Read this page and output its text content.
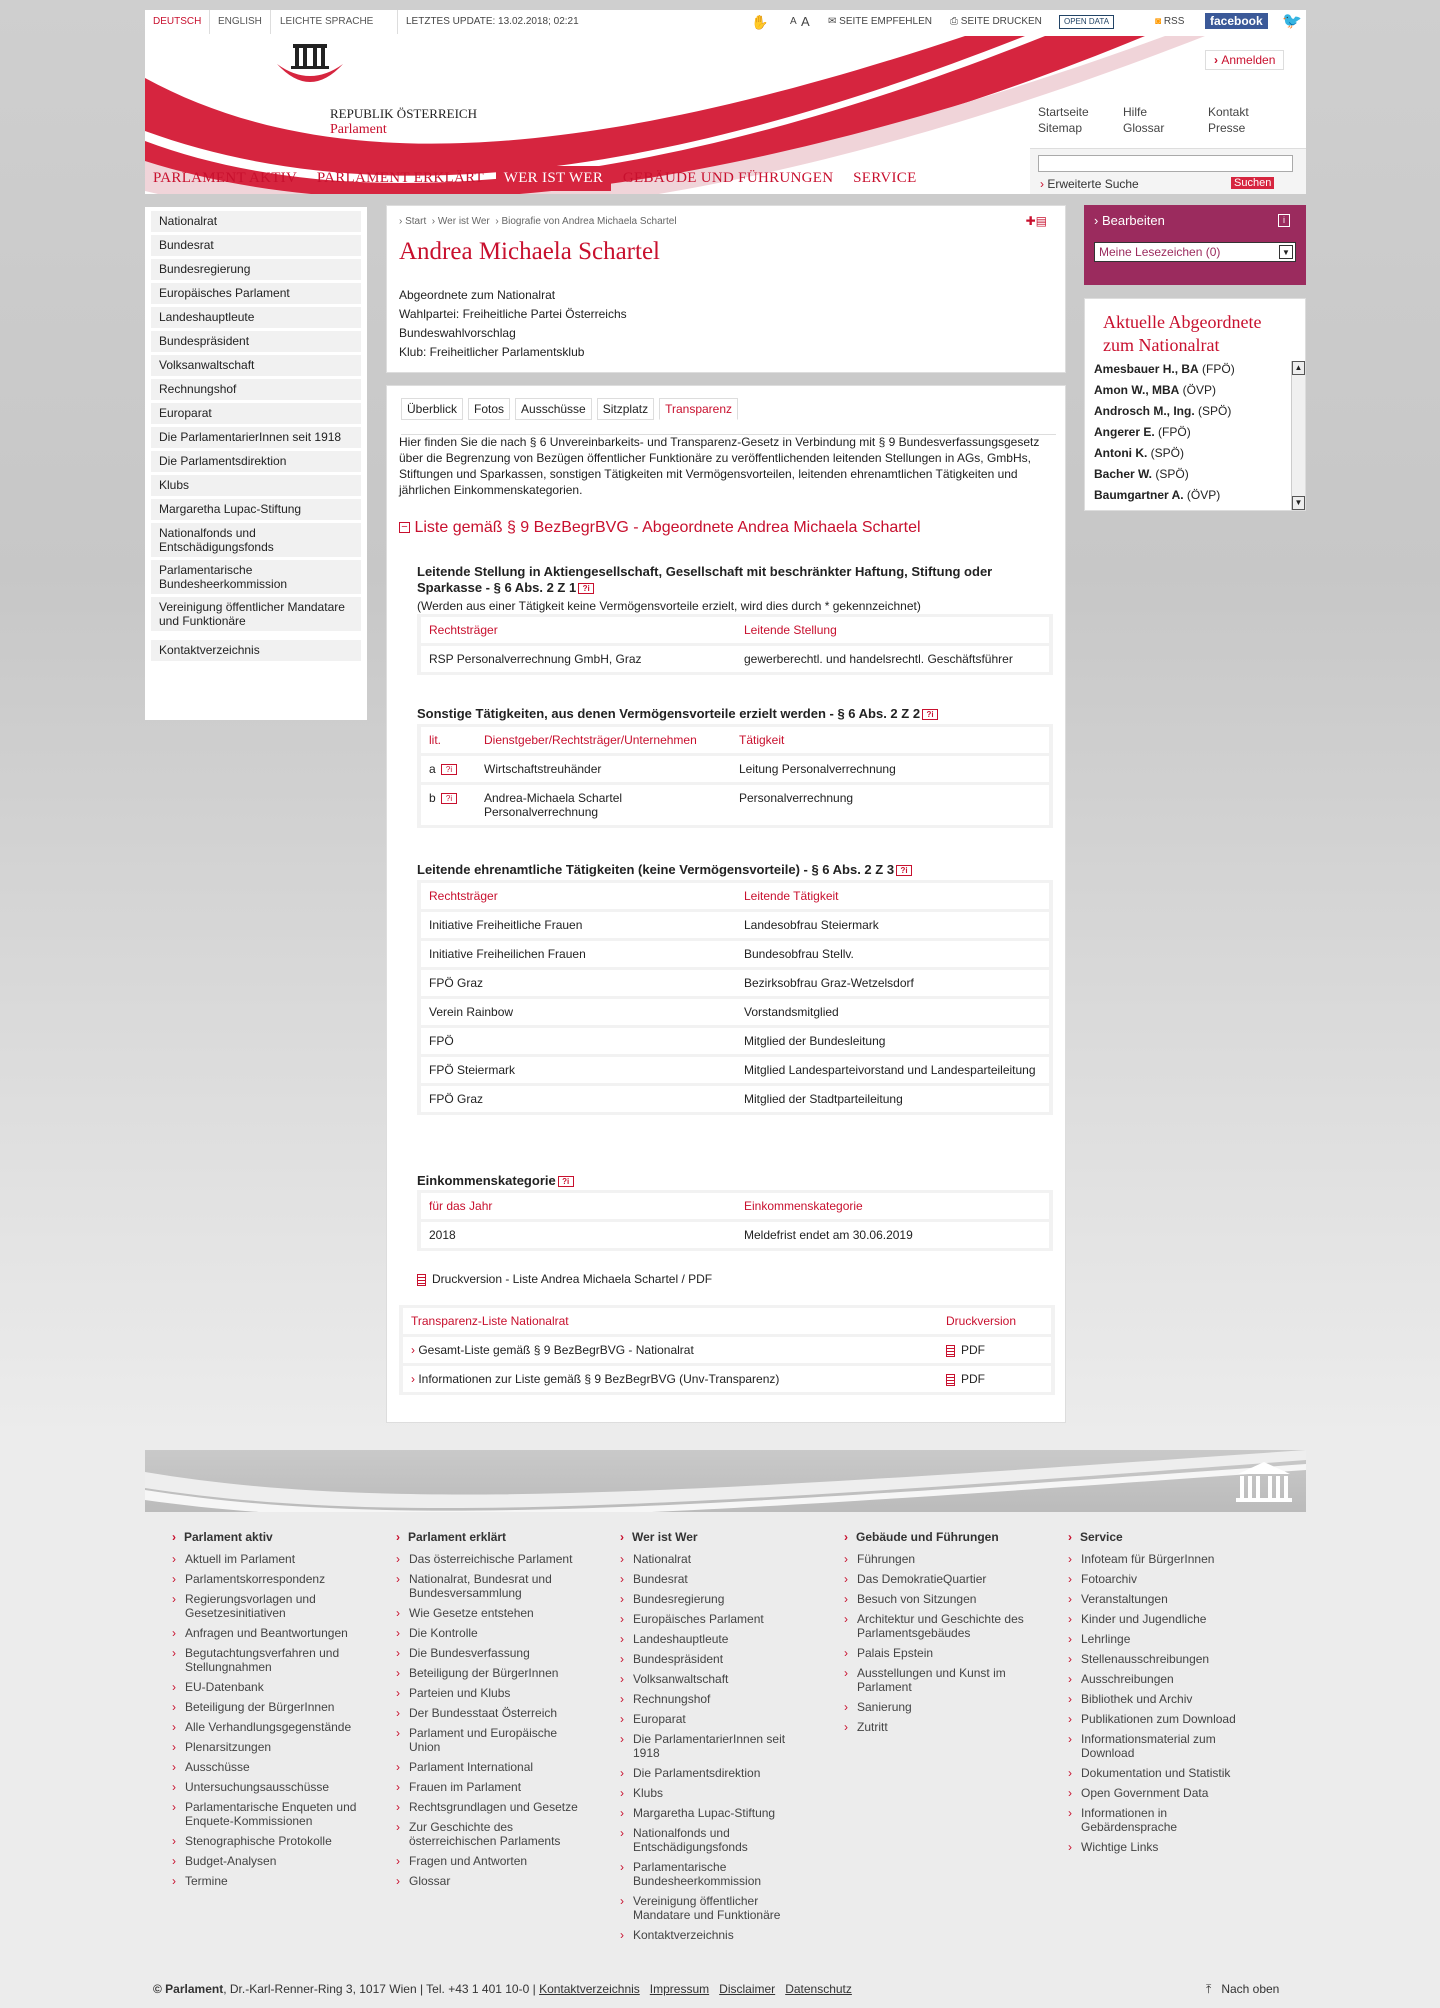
DEUTSCH	ENGLISH	LEICHTE SPRACHE	LETZTES UPDATE: 13.02.2018; 02:21	✋ A A ✉ SEITE EMPFEHLEN ⎙ SEITE DRUCKEN	OPEN DATA	◙ RSS	facebook	🐦
REPUBLIK ÖSTERREICH
Parlament
› Anmelden
Startseite
Sitemap
Hilfe
Glossar
Kontakt
Presse
› Erweiterte Suche	Suchen
PARLAMENT AKTIV PARLAMENT ERKLÄRT WER IST WER GEBÄUDE UND FÜHRUNGEN SERVICE
Nationalrat
Bundesrat
Bundesregierung
Europäisches Parlament
Landeshauptleute
Bundespräsident
Volksanwaltschaft
Rechnungshof
Europarat
Die ParlamentarierInnen seit 1918
Die Parlamentsdirektion
Klubs
Margaretha Lupac-Stiftung
Nationalfonds und Entschädigungsfonds
Parlamentarische Bundesheerkommission
Vereinigung öffentlicher Mandatare und Funktionäre
Kontaktverzeichnis
› Start › Wer ist Wer › Biografie von Andrea Michaela Schartel	✚▤
Andrea Michaela Schartel
Abgeordnete zum Nationalrat
Wahlpartei: Freiheitliche Partei Österreichs
Bundeswahlvorschlag
Klub: Freiheitlicher Parlamentsklub
Überblick Fotos Ausschüsse Sitzplatz Transparenz
Hier finden Sie die nach § 6 Unvereinbarkeits- und Transparenz-Gesetz in Verbindung mit § 9 Bundesverfassungsgesetz über die Begrenzung von Bezügen öffentlicher Funktionäre zu veröffentlichenden leitenden Stellungen in AGs, GmbHs, Stiftungen und Sparkassen, sonstigen Tätigkeiten mit Vermögensvorteilen, leitenden ehrenamtlichen Tätigkeiten und jährlichen Einkommenskategorien.
− Liste gemäß § 9 BezBegrBVG - Abgeordnete Andrea Michaela Schartel
Leitende Stellung in Aktiengesellschaft, Gesellschaft mit beschränkter Haftung, Stiftung oder Sparkasse - § 6 Abs. 2 Z 1 ?i
(Werden aus einer Tätigkeit keine Vermögensvorteile erzielt, wird dies durch * gekennzeichnet)
Rechtsträger	Leitende Stellung
RSP Personalverrechnung GmbH, Graz	gewerberechtl. und handelsrechtl. Geschäftsführer
Sonstige Tätigkeiten, aus denen Vermögensvorteile erzielt werden - § 6 Abs. 2 Z 2 ?i
lit.	Dienstgeber/Rechtsträger/Unternehmen	Tätigkeit
a ?i	Wirtschaftstreuhänder	Leitung Personalverrechnung
b ?i	Andrea-Michaela Schartel Personalverrechnung	Personalverrechnung
Leitende ehrenamtliche Tätigkeiten (keine Vermögensvorteile) - § 6 Abs. 2 Z 3 ?i
Rechtsträger	Leitende Tätigkeit
Initiative Freiheitliche Frauen	Landesobfrau Steiermark
Initiative Freiheilichen Frauen	Bundesobfrau Stellv.
FPÖ Graz	Bezirksobfrau Graz-Wetzelsdorf
Verein Rainbow	Vorstandsmitglied
FPÖ	Mitglied der Bundesleitung
FPÖ Steiermark	Mitglied Landesparteivorstand und Landesparteileitung
FPÖ Graz	Mitglied der Stadtparteileitung
Einkommenskategorie ?i
für das Jahr	Einkommenskategorie
2018	Meldefrist endet am 30.06.2019
Druckversion - Liste Andrea Michaela Schartel / PDF
Transparenz-Liste Nationalrat	Druckversion
› Gesamt-Liste gemäß § 9 BezBegrBVG - Nationalrat	PDF
› Informationen zur Liste gemäß § 9 BezBegrBVG (Unv-Transparenz)	PDF
› Bearbeiten	i
Meine Lesezeichen (0)	▼
Aktuelle Abgeordnete zum Nationalrat
Amesbauer H., BA (FPÖ)
Amon W., MBA (ÖVP)
Androsch M., Ing. (SPÖ)
Angerer E. (FPÖ)
Antoni K. (SPÖ)
Bacher W. (SPÖ)
Baumgartner A. (ÖVP)
▲
▼
› Parlament aktiv
› Aktuell im Parlament
› Parlamentskorrespondenz
› Regierungsvorlagen und Gesetzesinitiativen
› Anfragen und Beantwortungen
› Begutachtungsverfahren und Stellungnahmen
› EU-Datenbank
› Beteiligung der BürgerInnen
› Alle Verhandlungsgegenstände
› Plenarsitzungen
› Ausschüsse
› Untersuchungsausschüsse
› Parlamentarische Enqueten und Enquete-Kommissionen
› Stenographische Protokolle
› Budget-Analysen
› Termine
› Parlament erklärt
› Das österreichische Parlament
› Nationalrat, Bundesrat und Bundesversammlung
› Wie Gesetze entstehen
› Die Kontrolle
› Die Bundesverfassung
› Beteiligung der BürgerInnen
› Parteien und Klubs
› Der Bundesstaat Österreich
› Parlament und Europäische Union
› Parlament International
› Frauen im Parlament
› Rechtsgrundlagen und Gesetze
› Zur Geschichte des österreichischen Parlaments
› Fragen und Antworten
› Glossar
› Wer ist Wer
› Nationalrat
› Bundesrat
› Bundesregierung
› Europäisches Parlament
› Landeshauptleute
› Bundespräsident
› Volksanwaltschaft
› Rechnungshof
› Europarat
› Die ParlamentarierInnen seit 1918
› Die Parlamentsdirektion
› Klubs
› Margaretha Lupac-Stiftung
› Nationalfonds und Entschädigungsfonds
› Parlamentarische Bundesheerkommission
› Vereinigung öffentlicher Mandatare und Funktionäre
› Kontaktverzeichnis
› Gebäude und Führungen
› Führungen
› Das DemokratieQuartier
› Besuch von Sitzungen
› Architektur und Geschichte des Parlamentsgebäudes
› Palais Epstein
› Ausstellungen und Kunst im Parlament
› Sanierung
› Zutritt
› Service
› Infoteam für BürgerInnen
› Fotoarchiv
› Veranstaltungen
› Kinder und Jugendliche
› Lehrlinge
› Stellenausschreibungen
› Ausschreibungen
› Bibliothek und Archiv
› Publikationen zum Download
› Informationsmaterial zum Download
› Dokumentation und Statistik
› Open Government Data
› Informationen in Gebärdensprache
› Wichtige Links
© Parlament, Dr.-Karl-Renner-Ring 3, 1017 Wien | Tel. +43 1 401 10-0 | Kontaktverzeichnis Impressum Disclaimer Datenschutz	⤒   Nach oben
